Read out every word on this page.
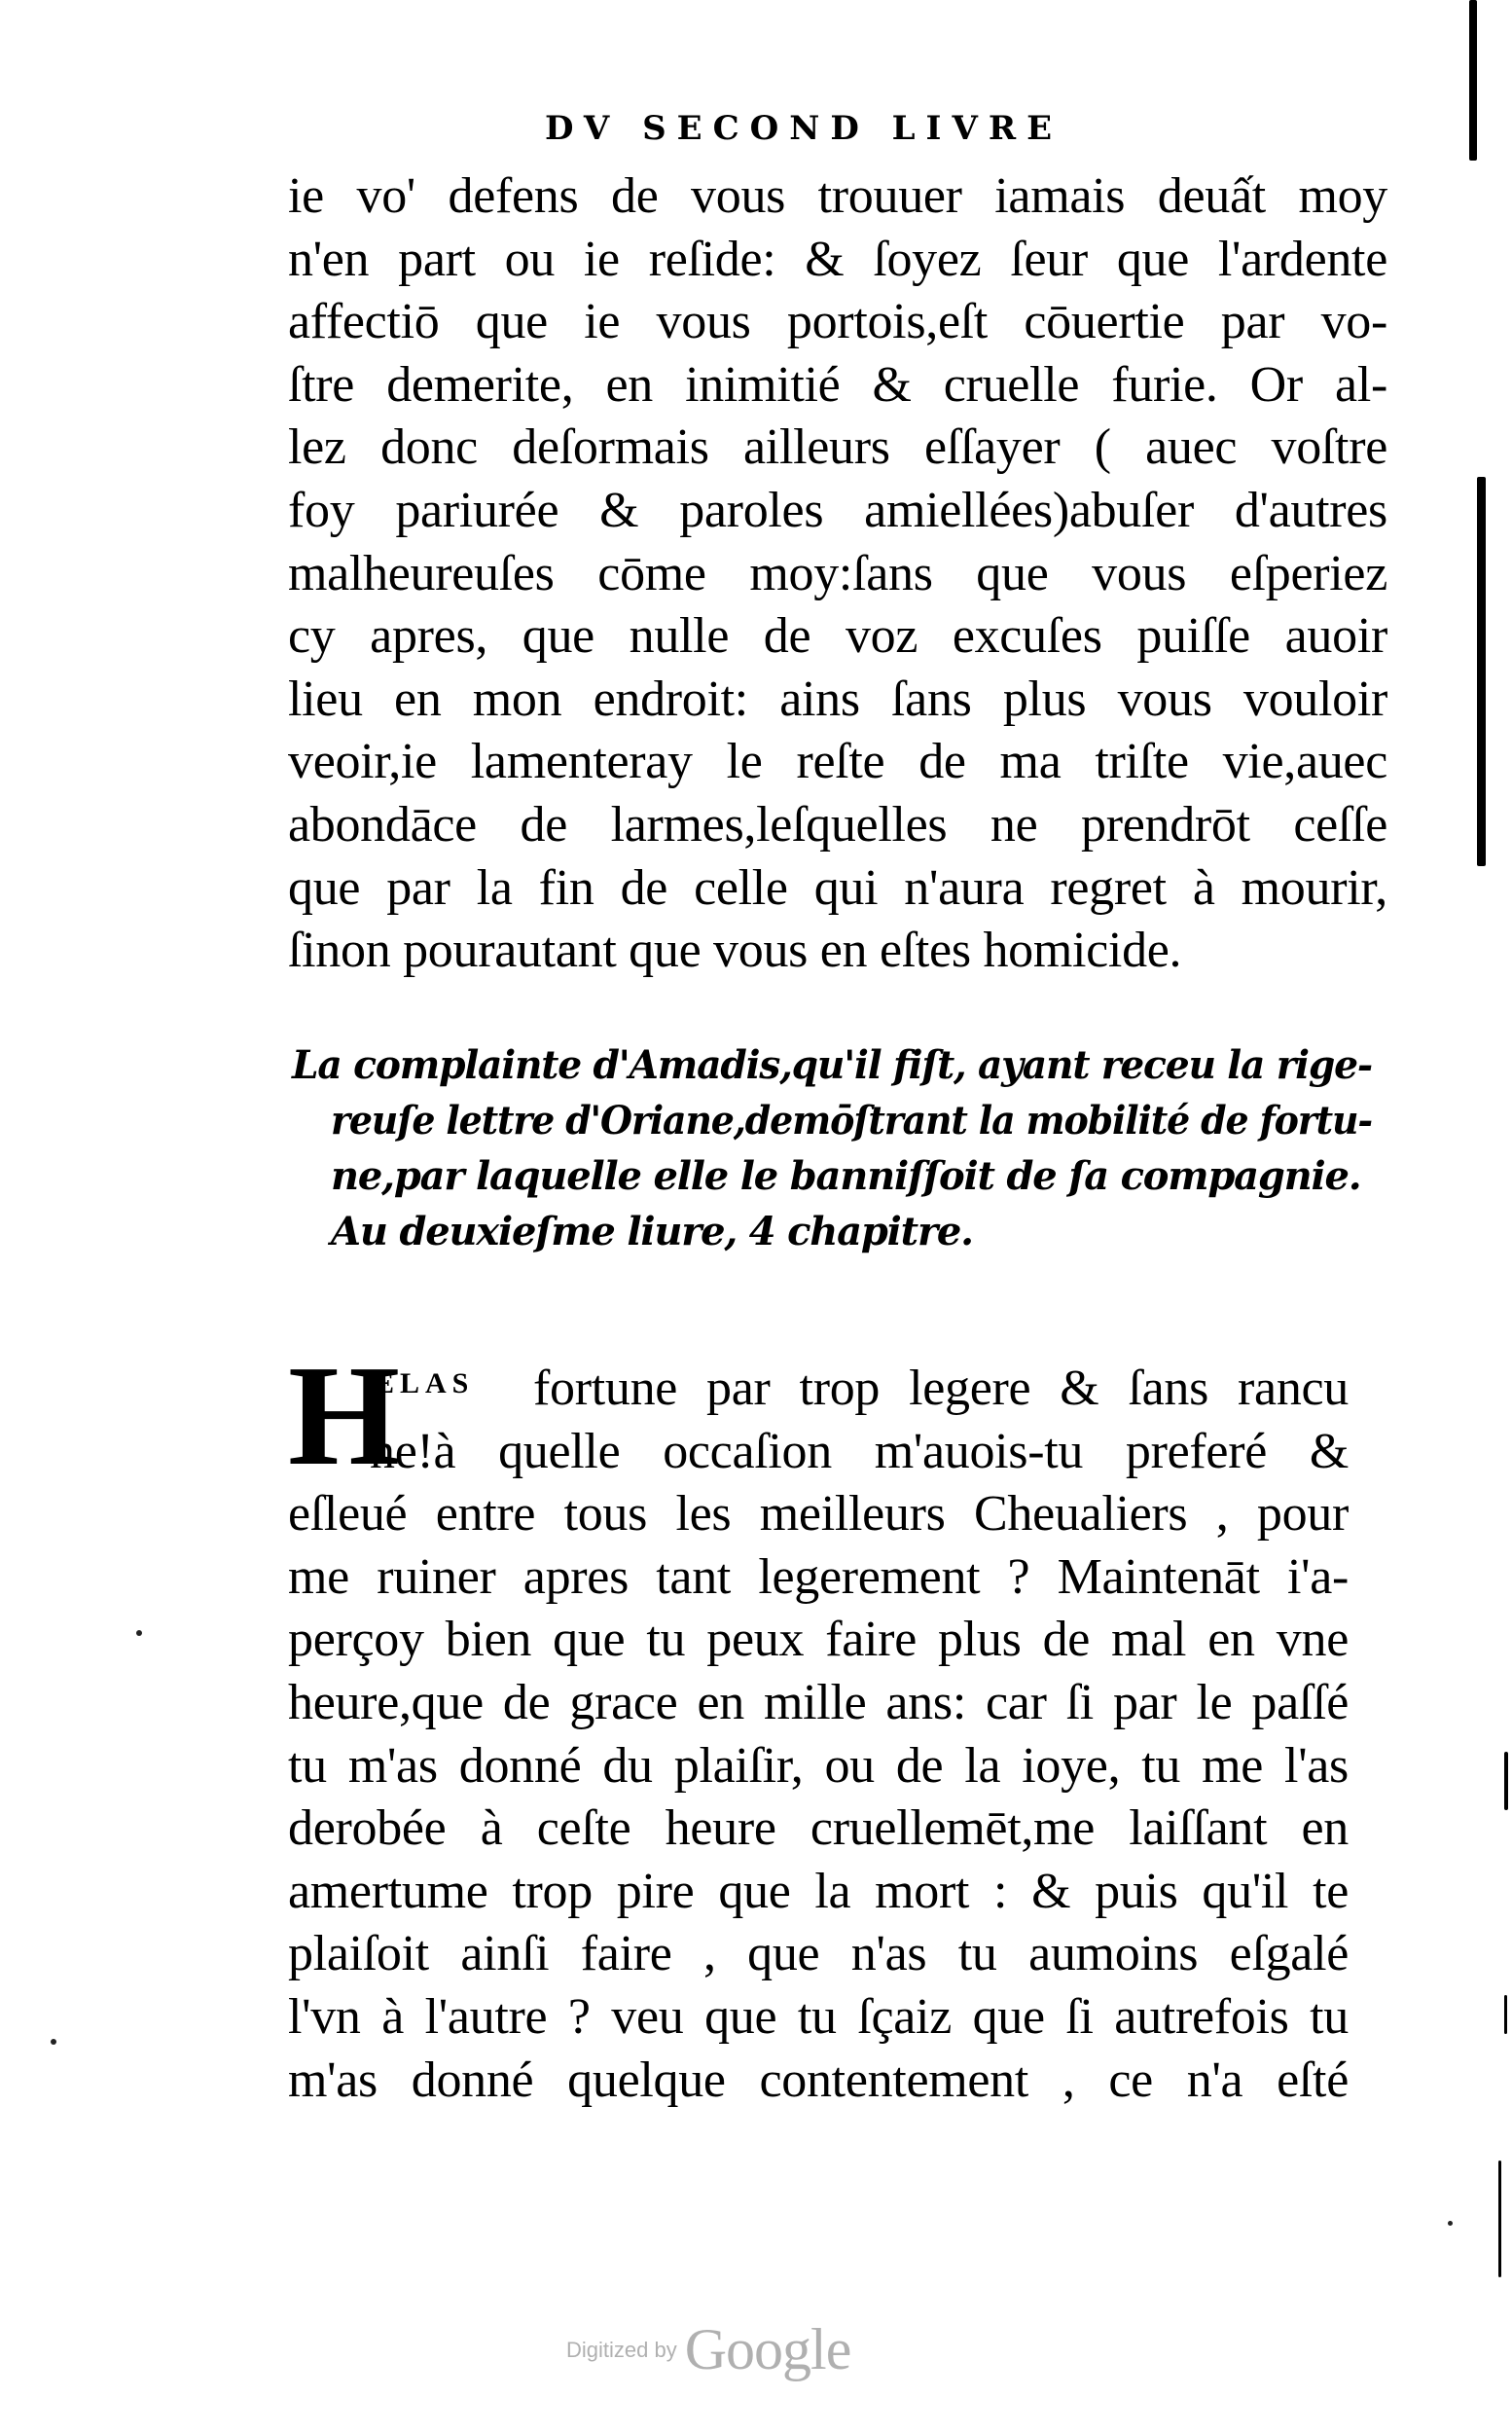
DV SECOND LIVRE
ie vo' defens de vous trouuer iamais deuất moy
n'en part ou ie reſide: & ſoyez ſeur que l'ardente
affectiō que ie vous portois,eſt cōuertie par vo-
ſtre demerite, en inimitié & cruelle furie. Or al-
lez donc deſormais ailleurs eſſayer ( auec voſtre
foy pariurée & paroles amiellées)abuſer d'autres
malheureuſes cōme moy:ſans que vous eſperiez
cy apres, que nulle de voz excuſes puiſſe auoir
lieu en mon endroit: ains ſans plus vous vouloir
veoir,ie lamenteray le reſte de ma triſte vie,auec
abondāce de larmes,leſquelles ne prendrōt ceſſe
que par la fin de celle qui n'aura regret à mourir,
ſinon pourautant que vous en eſtes homicide.
La complainte d'Amadis,qu'il fiſt, ayant receu la rige-
reuſe lettre d'Oriane,demōſtrant la mobilité de fortu-
ne,par laquelle elle le banniſſoit de ſa compagnie.
Au deuxieſme liure, 4 chapitre.
H
ELAS	fortune par trop legere & ſans rancu
ne!à quelle occaſion m'auois-tu preferé &
eſleué entre tous les meilleurs Cheualiers , pour
me ruiner apres tant legerement ? Maintenāt i'a-
perçoy bien que tu peux faire plus de mal en vne
heure,que de grace en mille ans: car ſi par le paſſé
tu m'as donné du plaiſir, ou de la ioye, tu me l'as
derobée à ceſte heure cruellemēt,me laiſſant en
amertume trop pire que la mort : & puis qu'il te
plaiſoit ainſi faire , que n'as tu aumoins eſgalé
l'vn à l'autre ? veu que tu ſçaiz que ſi autrefois tu
m'as donné quelque contentement , ce n'a eſté
Digitized by Google
